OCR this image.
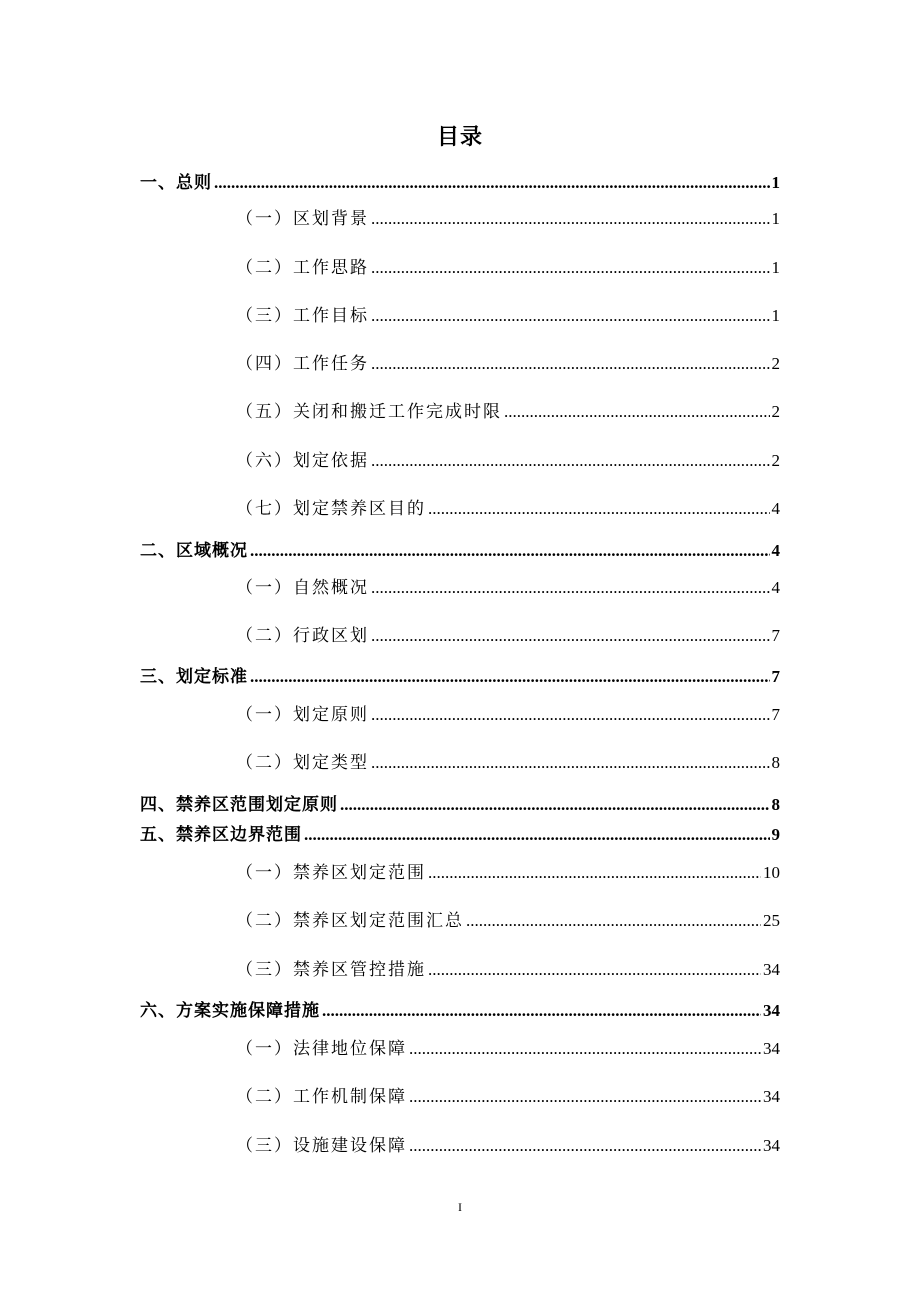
目录
一、总则 .....	1
（一）区划背景 .....	1
（二）工作思路 .....	1
（三）工作目标 .....	1
（四）工作任务 .....	2
（五）关闭和搬迁工作完成时限 .....	2
（六）划定依据 .....	2
（七）划定禁养区目的 .....	4
二、区域概况 .....	4
（一）自然概况 .....	4
（二）行政区划 .....	7
三、划定标准 .....	7
（一）划定原则 .....	7
（二）划定类型 .....	8
四、禁养区范围划定原则 .....	8
五、禁养区边界范围 .....	9
（一）禁养区划定范围 .....	10
（二）禁养区划定范围汇总 .....	25
（三）禁养区管控措施 .....	34
六、方案实施保障措施 .....	34
（一）法律地位保障 .....	34
（二）工作机制保障 .....	34
（三）设施建设保障 .....	34
I
